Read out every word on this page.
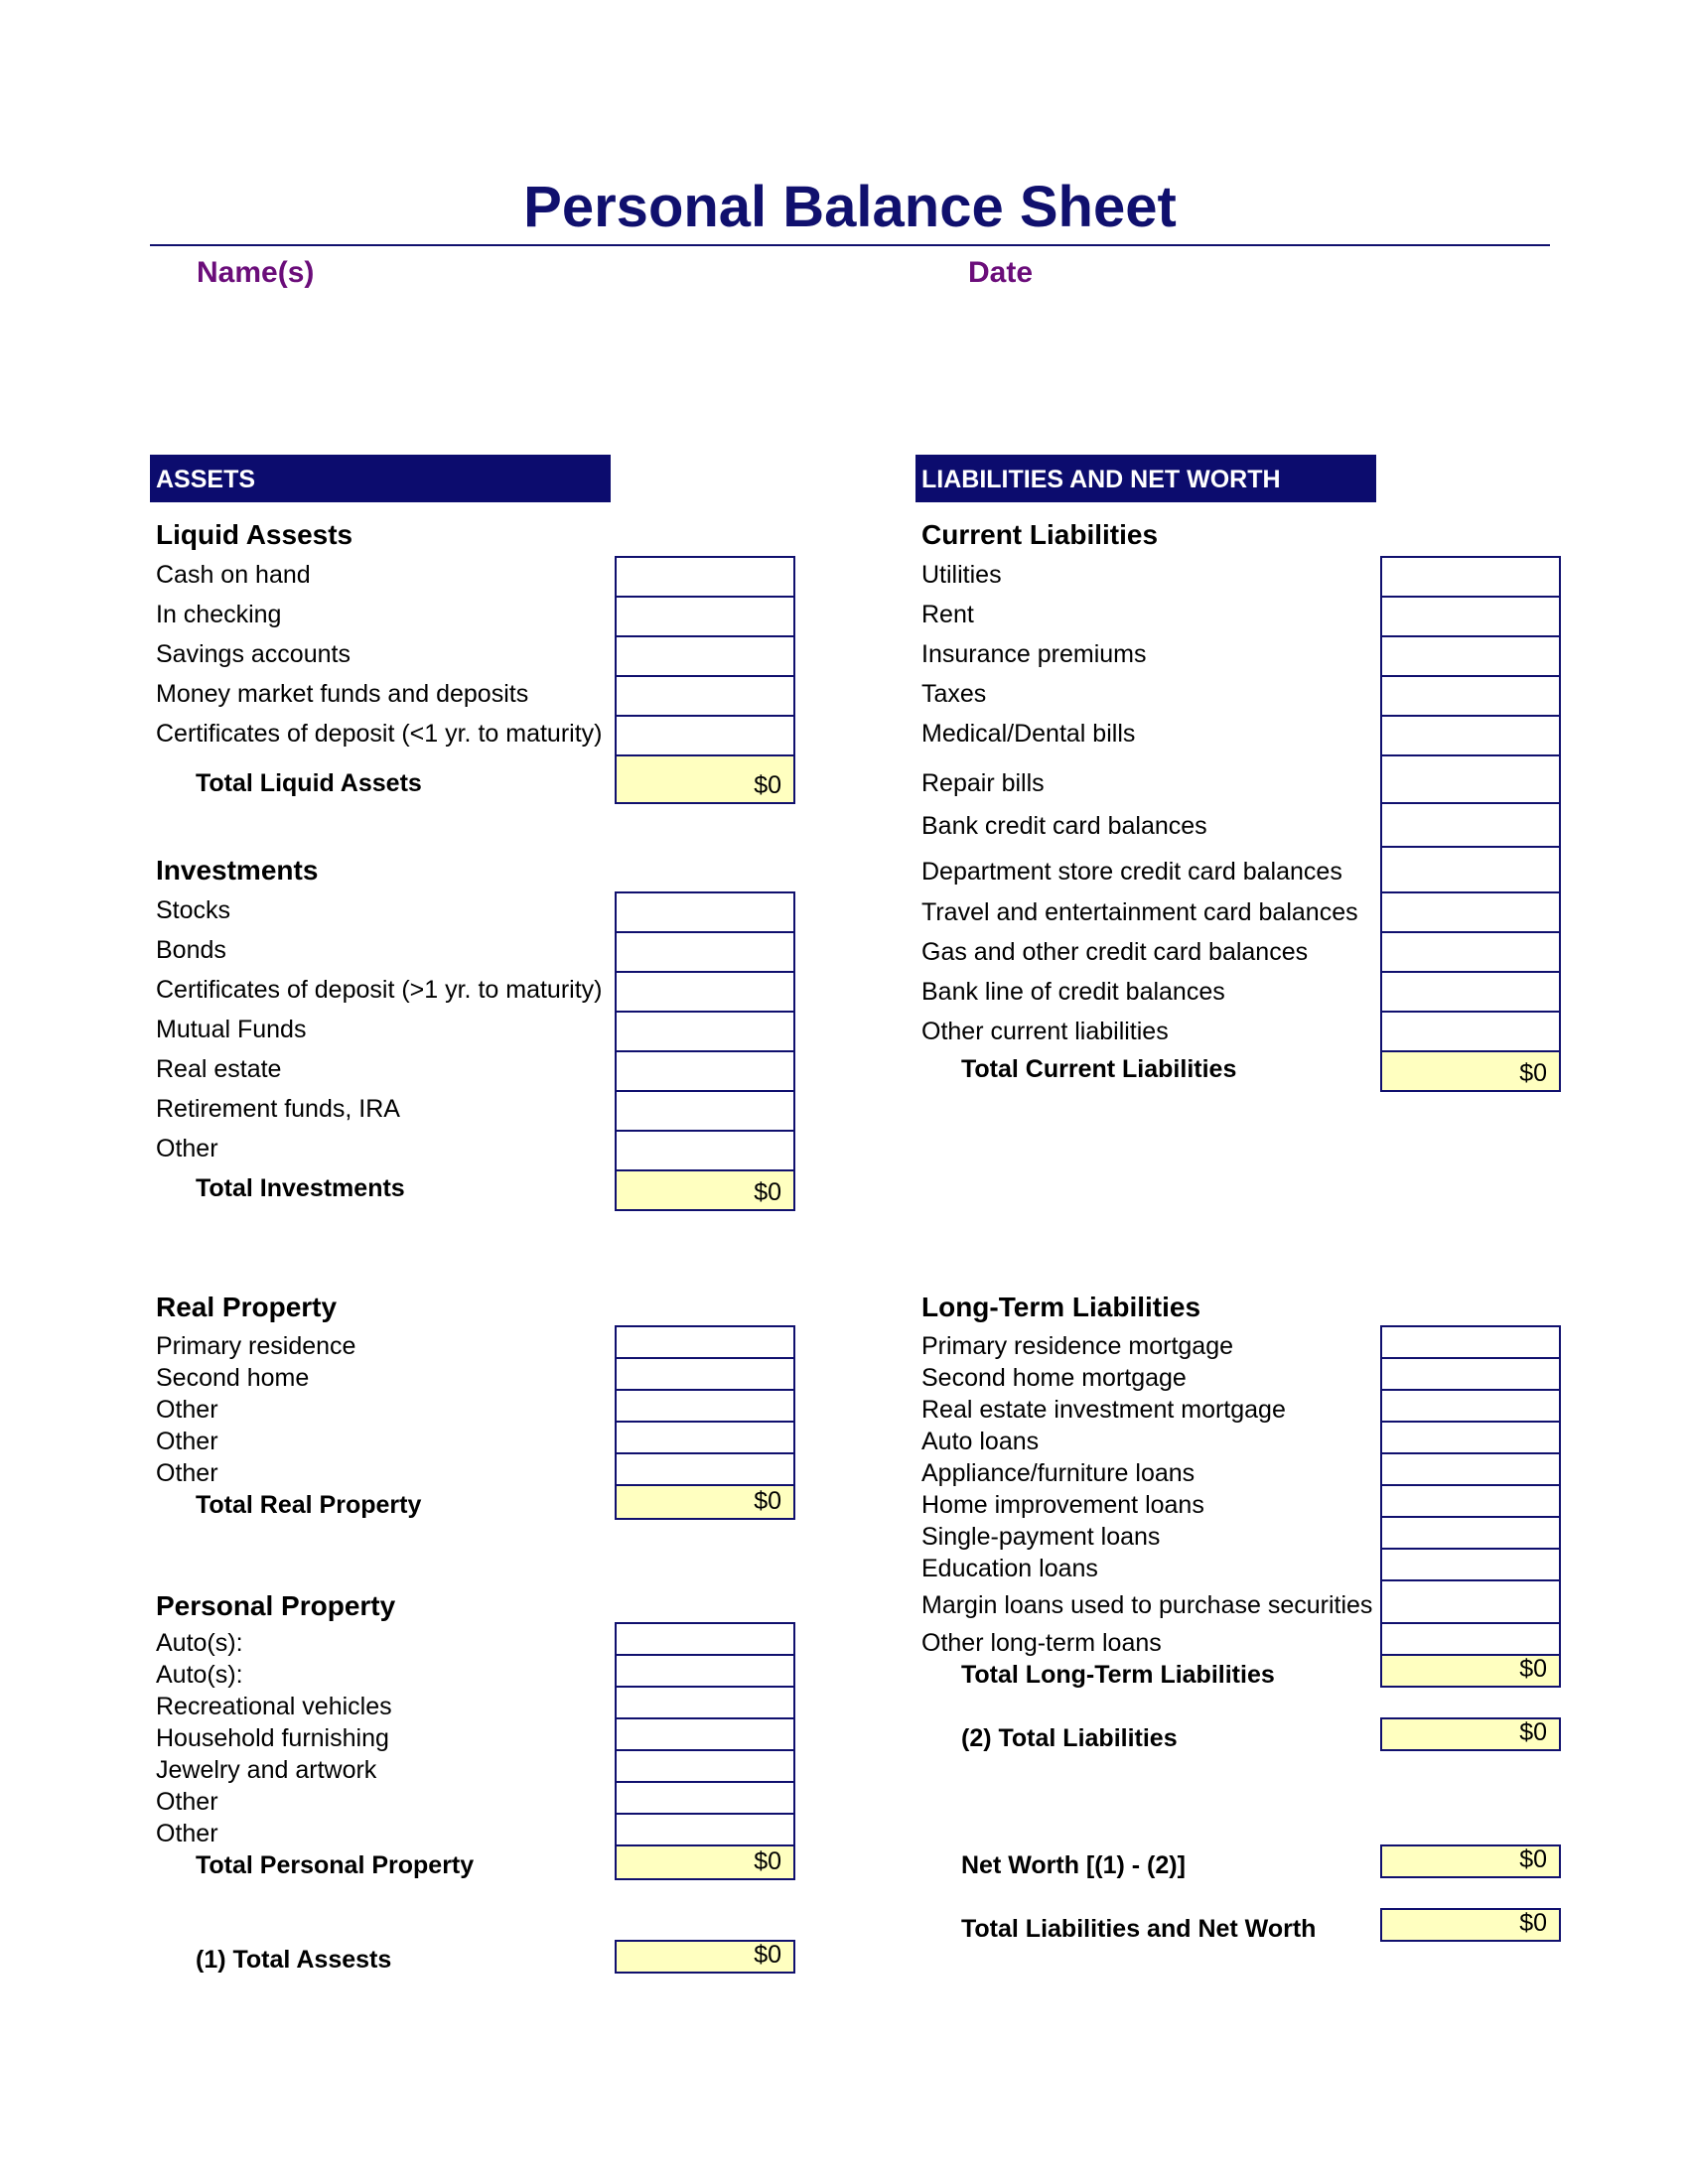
Personal Balance Sheet
Name(s)	Date
ASSETS
Liquid Assests
Cash on hand
In checking
Savings accounts
Money market funds and deposits
Certificates of deposit (<1 yr. to maturity)
Total Liquid Assets	$0
Investments
Stocks
Bonds
Certificates of deposit (>1 yr. to maturity)
Mutual Funds
Real estate
Retirement funds, IRA
Other
Total Investments	$0
Real Property
Primary residence
Second home
Other
Other
Other
Total Real Property	$0
Personal Property
Auto(s):
Auto(s):
Recreational vehicles
Household furnishing
Jewelry and artwork
Other
Other
Total Personal Property	$0
(1) Total Assests	$0
LIABILITIES AND NET WORTH
Current Liabilities
Utilities
Rent
Insurance premiums
Taxes
Medical/Dental bills
Repair bills
Bank credit card balances
Department store credit card balances
Travel and entertainment card balances
Gas and other credit card balances
Bank line of credit balances
Other current liabilities
Total Current Liabilities	$0
Long-Term Liabilities
Primary residence mortgage
Second home mortgage
Real estate investment mortgage
Auto loans
Appliance/furniture loans
Home improvement loans
Single-payment loans
Education loans
Margin loans used to purchase securities
Other long-term loans
Total Long-Term Liabilities	$0
(2) Total Liabilities	$0
Net Worth [(1) - (2)]	$0
Total Liabilities and Net Worth	$0
